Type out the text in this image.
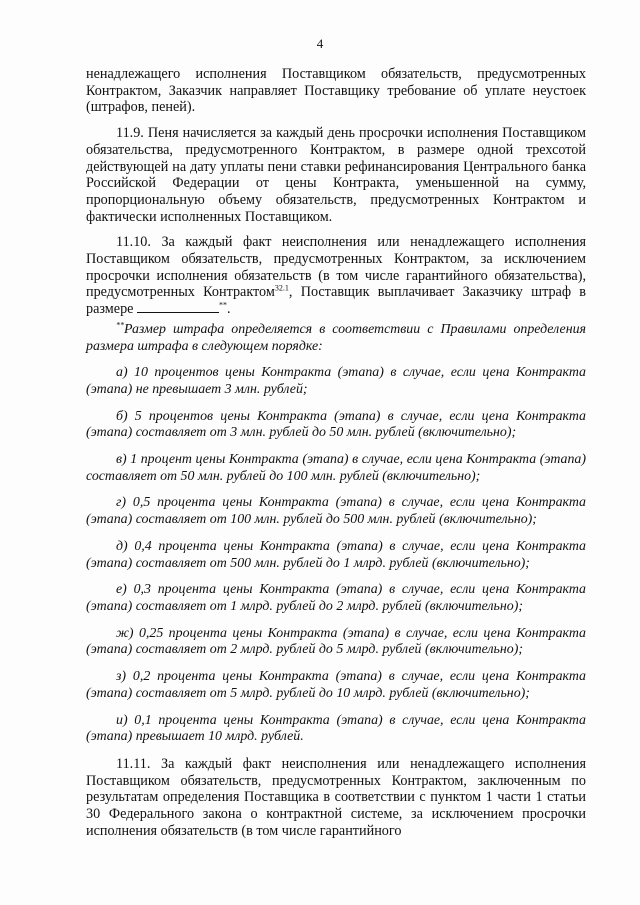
4

ненадлежащего исполнения Поставщиком обязательств, предусмотренных Контрактом, Заказчик направляет Поставщику требование об уплате неустоек (штрафов, пеней).

11.9. Пеня начисляется за каждый день просрочки исполнения Поставщиком обязательства, предусмотренного Контрактом, в размере одной трехсотой действующей на дату уплаты пени ставки рефинансирования Центрального банка Российской Федерации от цены Контракта, уменьшенной на сумму, пропорциональную объему обязательств, предусмотренных Контрактом и фактически исполненных Поставщиком.

11.10. За каждый факт неисполнения или ненадлежащего исполнения Поставщиком обязательств, предусмотренных Контрактом, за исключением просрочки исполнения обязательств (в том числе гарантийного обязательства), предусмотренных Контрактом$^{32.1}$, Поставщик выплачивает Заказчику штраф в размере	**.

**Размер штрафа определяется в соответствии с Правилами определения размера штрафа в следующем порядке:

а) 10 процентов цены Контракта (этапа) в случае, если цена Контракта (этапа) не превышает 3 млн. рублей;

б) 5 процентов цены Контракта (этапа) в случае, если цена Контракта (этапа) составляет от 3 млн. рублей до 50 млн. рублей (включительно);

в) 1 процент цены Контракта (этапа) в случае, если цена Контракта (этапа) составляет от 50 млн. рублей до 100 млн. рублей (включительно);

г) 0,5 процента цены Контракта (этапа) в случае, если цена Контракта (этапа) составляет от 100 млн. рублей до 500 млн. рублей (включительно);

д) 0,4 процента цены Контракта (этапа) в случае, если цена Контракта (этапа) составляет от 500 млн. рублей до 1 млрд. рублей (включительно);

е) 0,3 процента цены Контракта (этапа) в случае, если цена Контракта (этапа) составляет от 1 млрд. рублей до 2 млрд. рублей (включительно);

ж) 0,25 процента цены Контракта (этапа) в случае, если цена Контракта (этапа) составляет от 2 млрд. рублей до 5 млрд. рублей (включительно);

з) 0,2 процента цены Контракта (этапа) в случае, если цена Контракта (этапа) составляет от 5 млрд. рублей до 10 млрд. рублей (включительно);

и) 0,1 процента цены Контракта (этапа) в случае, если цена Контракта (этапа) превышает 10 млрд. рублей.

11.11. За каждый факт неисполнения или ненадлежащего исполнения Поставщиком обязательств, предусмотренных Контрактом, заключенным по результатам определения Поставщика в соответствии с пунктом 1 части 1 статьи 30 Федерального закона о контрактной системе, за исключением просрочки исполнения обязательств (в том числе гарантийного
